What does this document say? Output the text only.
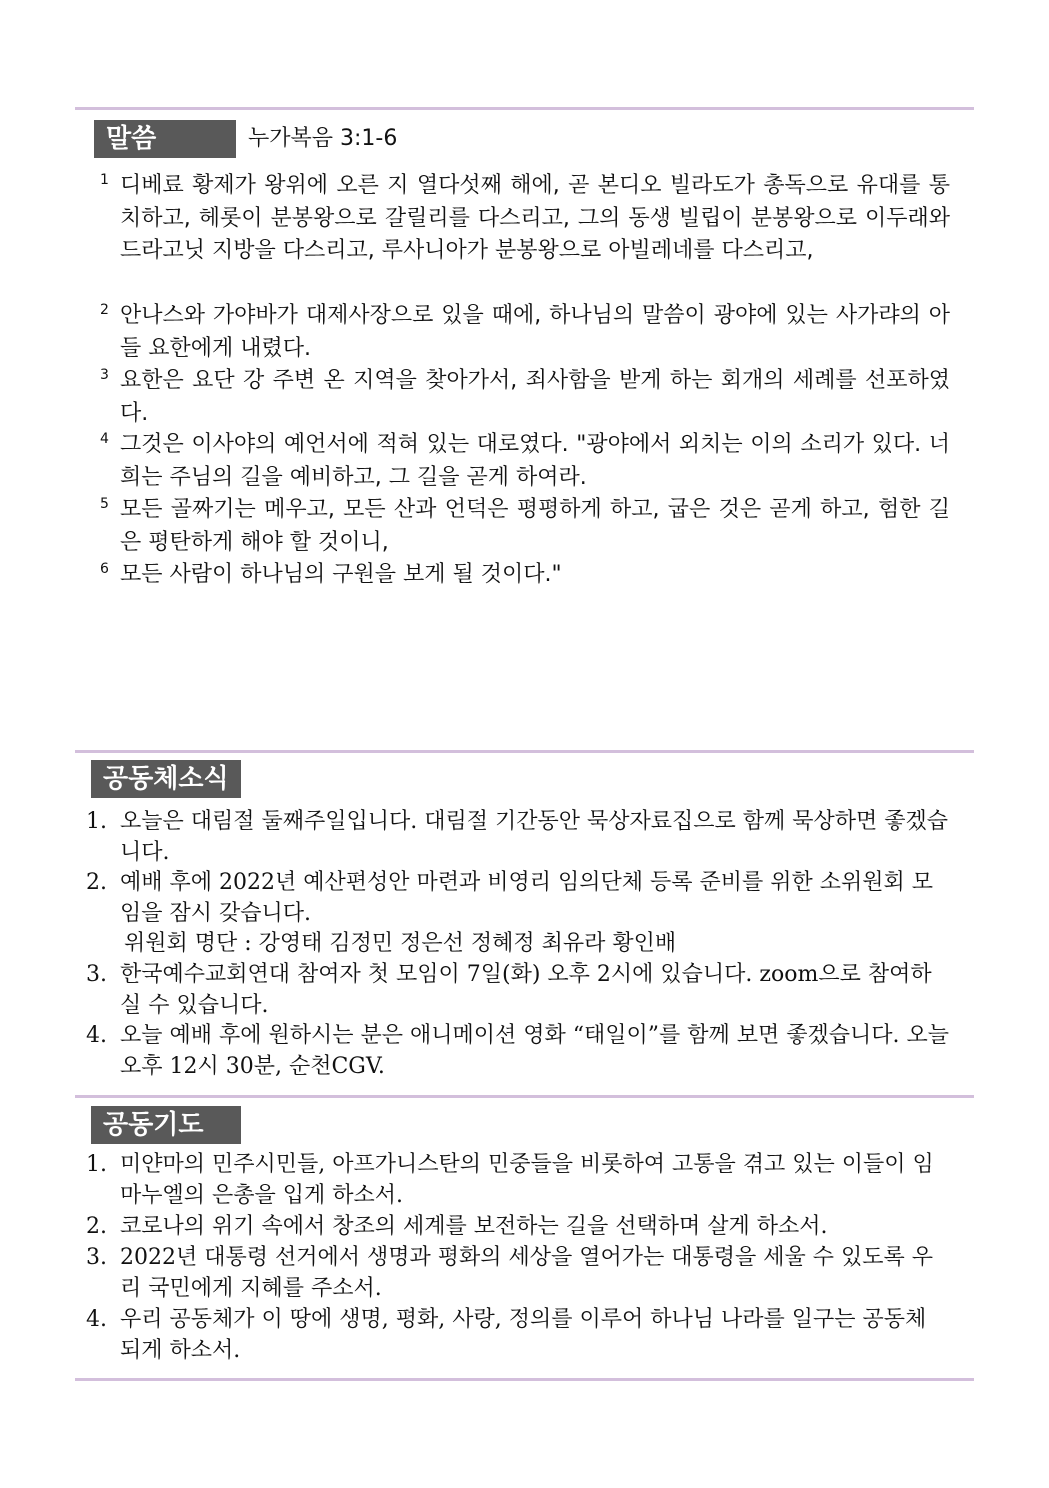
말씀	누가복음 3:1-6
1 디베료 황제가 왕위에 오른 지 열다섯째 해에, 곧 본디오 빌라도가 총독으로 유대를 통치하고, 헤롯이 분봉왕으로 갈릴리를 다스리고, 그의 동생 빌립이 분봉왕으로 이두래와 드라고닛 지방을 다스리고, 루사니아가 분봉왕으로 아빌레네를 다스리고,
2 안나스와 가야바가 대제사장으로 있을 때에, 하나님의 말씀이 광야에 있는 사가랴의 아들 요한에게 내렸다.
3 요한은 요단 강 주변 온 지역을 찾아가서, 죄사함을 받게 하는 회개의 세례를 선포하였다.
4 그것은 이사야의 예언서에 적혀 있는 대로였다. "광야에서 외치는 이의 소리가 있다. 너희는 주님의 길을 예비하고, 그 길을 곧게 하여라.
5 모든 골짜기는 메우고, 모든 산과 언덕은 평평하게 하고, 굽은 것은 곧게 하고, 험한 길은 평탄하게 해야 할 것이니,
6 모든 사람이 하나님의 구원을 보게 될 것이다."
공동체소식
1. 오늘은 대림절 둘째주일입니다. 대림절 기간동안 묵상자료집으로 함께 묵상하면 좋겠습니다.
2. 예배 후에 2022년 예산편성안 마련과 비영리 임의단체 등록 준비를 위한 소위원회 모임을 잠시 갖습니다.
위원회 명단 : 강영태 김정민 정은선 정혜정 최유라 황인배
3. 한국예수교회연대 참여자 첫 모임이 7일(화) 오후 2시에 있습니다. zoom으로 참여하실 수 있습니다.
4. 오늘 예배 후에 원하시는 분은 애니메이션 영화 “태일이”를 함께 보면 좋겠습니다. 오늘 오후 12시 30분, 순천CGV.
공동기도
1. 미얀마의 민주시민들, 아프가니스탄의 민중들을 비롯하여 고통을 겪고 있는 이들이 임마누엘의 은총을 입게 하소서.
2. 코로나의 위기 속에서 창조의 세계를 보전하는 길을 선택하며 살게 하소서.
3. 2022년 대통령 선거에서 생명과 평화의 세상을 열어가는 대통령을 세울 수 있도록 우리 국민에게 지혜를 주소서.
4. 우리 공동체가 이 땅에 생명, 평화, 사랑, 정의를 이루어 하나님 나라를 일구는 공동체 되게 하소서.
